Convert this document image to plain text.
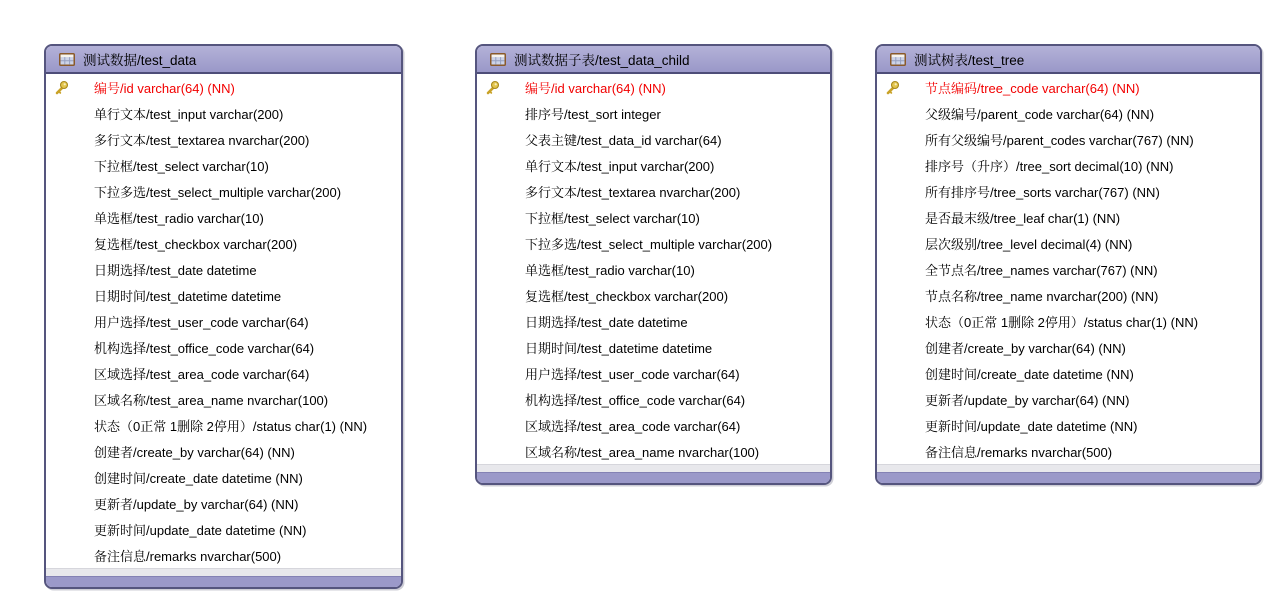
测试数据/test_data
编号/id varchar(64) (NN)
单行文本/test_input varchar(200)
多行文本/test_textarea nvarchar(200)
下拉框/test_select varchar(10)
下拉多选/test_select_multiple varchar(200)
单选框/test_radio varchar(10)
复选框/test_checkbox varchar(200)
日期选择/test_date datetime
日期时间/test_datetime datetime
用户选择/test_user_code varchar(64)
机构选择/test_office_code varchar(64)
区域选择/test_area_code varchar(64)
区域名称/test_area_name nvarchar(100)
状态（0正常 1删除 2停用）/status char(1) (NN)
创建者/create_by varchar(64) (NN)
创建时间/create_date datetime (NN)
更新者/update_by varchar(64) (NN)
更新时间/update_date datetime (NN)
备注信息/remarks nvarchar(500)
测试数据子表/test_data_child
编号/id varchar(64) (NN)
排序号/test_sort integer
父表主键/test_data_id varchar(64)
单行文本/test_input varchar(200)
多行文本/test_textarea nvarchar(200)
下拉框/test_select varchar(10)
下拉多选/test_select_multiple varchar(200)
单选框/test_radio varchar(10)
复选框/test_checkbox varchar(200)
日期选择/test_date datetime
日期时间/test_datetime datetime
用户选择/test_user_code varchar(64)
机构选择/test_office_code varchar(64)
区域选择/test_area_code varchar(64)
区域名称/test_area_name nvarchar(100)
测试树表/test_tree
节点编码/tree_code varchar(64) (NN)
父级编号/parent_code varchar(64) (NN)
所有父级编号/parent_codes varchar(767) (NN)
排序号（升序）/tree_sort decimal(10) (NN)
所有排序号/tree_sorts varchar(767) (NN)
是否最末级/tree_leaf char(1) (NN)
层次级别/tree_level decimal(4) (NN)
全节点名/tree_names varchar(767) (NN)
节点名称/tree_name nvarchar(200) (NN)
状态（0正常 1删除 2停用）/status char(1) (NN)
创建者/create_by varchar(64) (NN)
创建时间/create_date datetime (NN)
更新者/update_by varchar(64) (NN)
更新时间/update_date datetime (NN)
备注信息/remarks nvarchar(500)
